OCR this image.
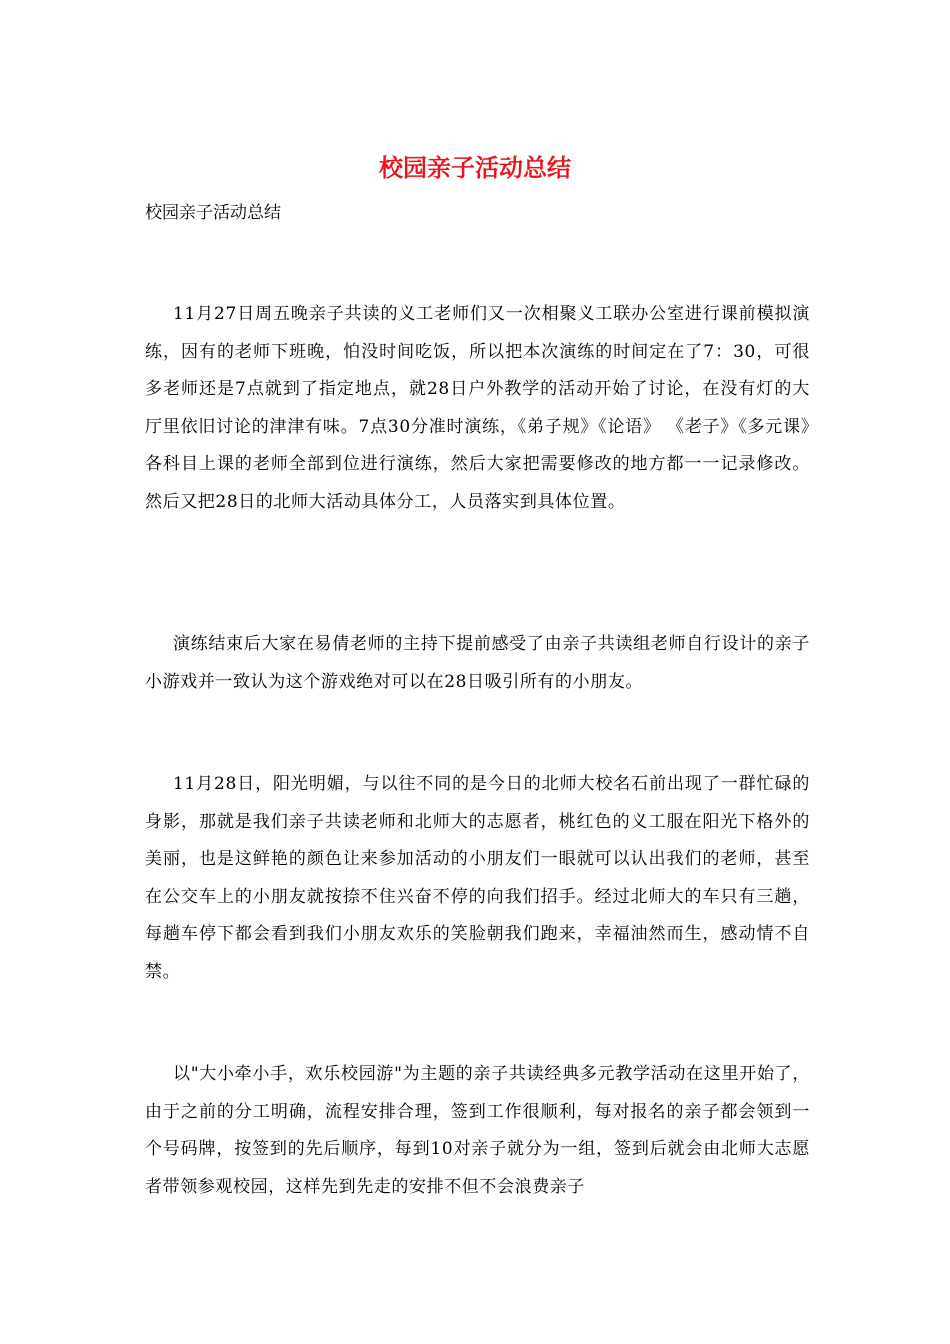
校园亲子活动总结
校园亲子活动总结

11月27日周五晚亲子共读的义工老师们又一次相聚义工联办公室进行课前模拟演练，因有的老师下班晚，怕没时间吃饭，所以把本次演练的时间定在了7：30，可很多老师还是7点就到了指定地点，就28日户外教学的活动开始了讨论，在没有灯的大厅里依旧讨论的津津有味。7点30分准时演练，《弟子规》《论语》 《老子》《多元课》各科目上课的老师全部到位进行演练，然后大家把需要修改的地方都一一记录修改。然后又把28日的北师大活动具体分工，人员落实到具体位置。

演练结束后大家在易倩老师的主持下提前感受了由亲子共读组老师自行设计的亲子小游戏并一致认为这个游戏绝对可以在28日吸引所有的小朋友。

11月28日，阳光明媚，与以往不同的是今日的北师大校名石前出现了一群忙碌的身影，那就是我们亲子共读老师和北师大的志愿者，桃红色的义工服在阳光下格外的美丽，也是这鲜艳的颜色让来参加活动的小朋友们一眼就可以认出我们的老师，甚至在公交车上的小朋友就按捺不住兴奋不停的向我们招手。经过北师大的车只有三趟，每趟车停下都会看到我们小朋友欢乐的笑脸朝我们跑来，幸福油然而生，感动情不自禁。

以"大小牵小手，欢乐校园游"为主题的亲子共读经典多元教学活动在这里开始了，由于之前的分工明确，流程安排合理，签到工作很顺利，每对报名的亲子都会领到一个号码牌，按签到的先后顺序，每到10对亲子就分为一组，签到后就会由北师大志愿者带领参观校园，这样先到先走的安排不但不会浪费亲子
